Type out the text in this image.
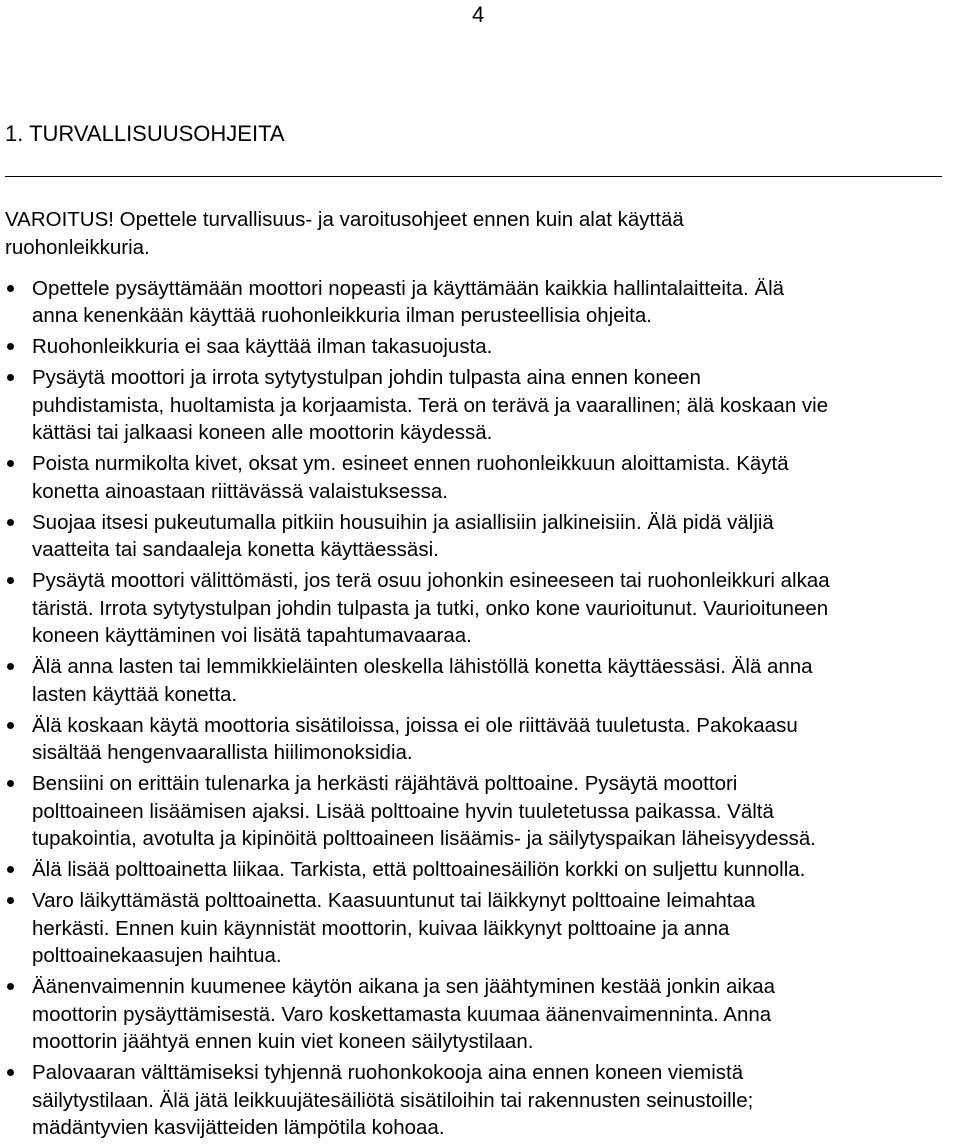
4
1. TURVALLISUUSOHJEITA

VAROITUS! Opettele turvallisuus- ja varoitusohjeet ennen kuin alat käyttää
ruohonleikkuria.

Opettele pysäyttämään moottori nopeasti ja käyttämään kaikkia hallintalaitteita. Älä
anna kenenkään käyttää ruohonleikkuria ilman perusteellisia ohjeita.
Ruohonleikkuria ei saa käyttää ilman takasuojusta.
Pysäytä moottori ja irrota sytytystulpan johdin tulpasta aina ennen koneen
puhdistamista, huoltamista ja korjaamista. Terä on terävä ja vaarallinen; älä koskaan vie
kättäsi tai jalkaasi koneen alle moottorin käydessä.
Poista nurmikolta kivet, oksat ym. esineet ennen ruohonleikkuun aloittamista. Käytä
konetta ainoastaan riittävässä valaistuksessa.
Suojaa itsesi pukeutumalla pitkiin housuihin ja asiallisiin jalkineisiin. Älä pidä väljiä
vaatteita tai sandaaleja konetta käyttäessäsi.
Pysäytä moottori välittömästi, jos terä osuu johonkin esineeseen tai ruohonleikkuri alkaa
täristä. Irrota sytytystulpan johdin tulpasta ja tutki, onko kone vaurioitunut. Vaurioituneen
koneen käyttäminen voi lisätä tapahtumavaaraa.
Älä anna lasten tai lemmikkieläinten oleskella lähistöllä konetta käyttäessäsi. Älä anna
lasten käyttää konetta.
Älä koskaan käytä moottoria sisätiloissa, joissa ei ole riittävää tuuletusta. Pakokaasu
sisältää hengenvaarallista hiilimonoksidia.
Bensiini on erittäin tulenarka ja herkästi räjähtävä polttoaine. Pysäytä moottori
polttoaineen lisäämisen ajaksi. Lisää polttoaine hyvin tuuletetussa paikassa. Vältä
tupakointia, avotulta ja kipinöitä polttoaineen lisäämis- ja säilytyspaikan läheisyydessä.
Älä lisää polttoainetta liikaa. Tarkista, että polttoainesäiliön korkki on suljettu kunnolla.
Varo läikyttämästä polttoainetta. Kaasuuntunut tai läikkynyt polttoaine leimahtaa
herkästi. Ennen kuin käynnistät moottorin, kuivaa läikkynyt polttoaine ja anna
polttoainekaasujen haihtua.
Äänenvaimennin kuumenee käytön aikana ja sen jäähtyminen kestää jonkin aikaa
moottorin pysäyttämisestä. Varo koskettamasta kuumaa äänenvaimenninta. Anna
moottorin jäähtyä ennen kuin viet koneen säilytystilaan.
Palovaaran välttämiseksi tyhjennä ruohonkokooja aina ennen koneen viemistä
säilytystilaan. Älä jätä leikkuujätesäiliötä sisätiloihin tai rakennusten seinustoille;
mädäntyvien kasvijätteiden lämpötila kohoaa.
